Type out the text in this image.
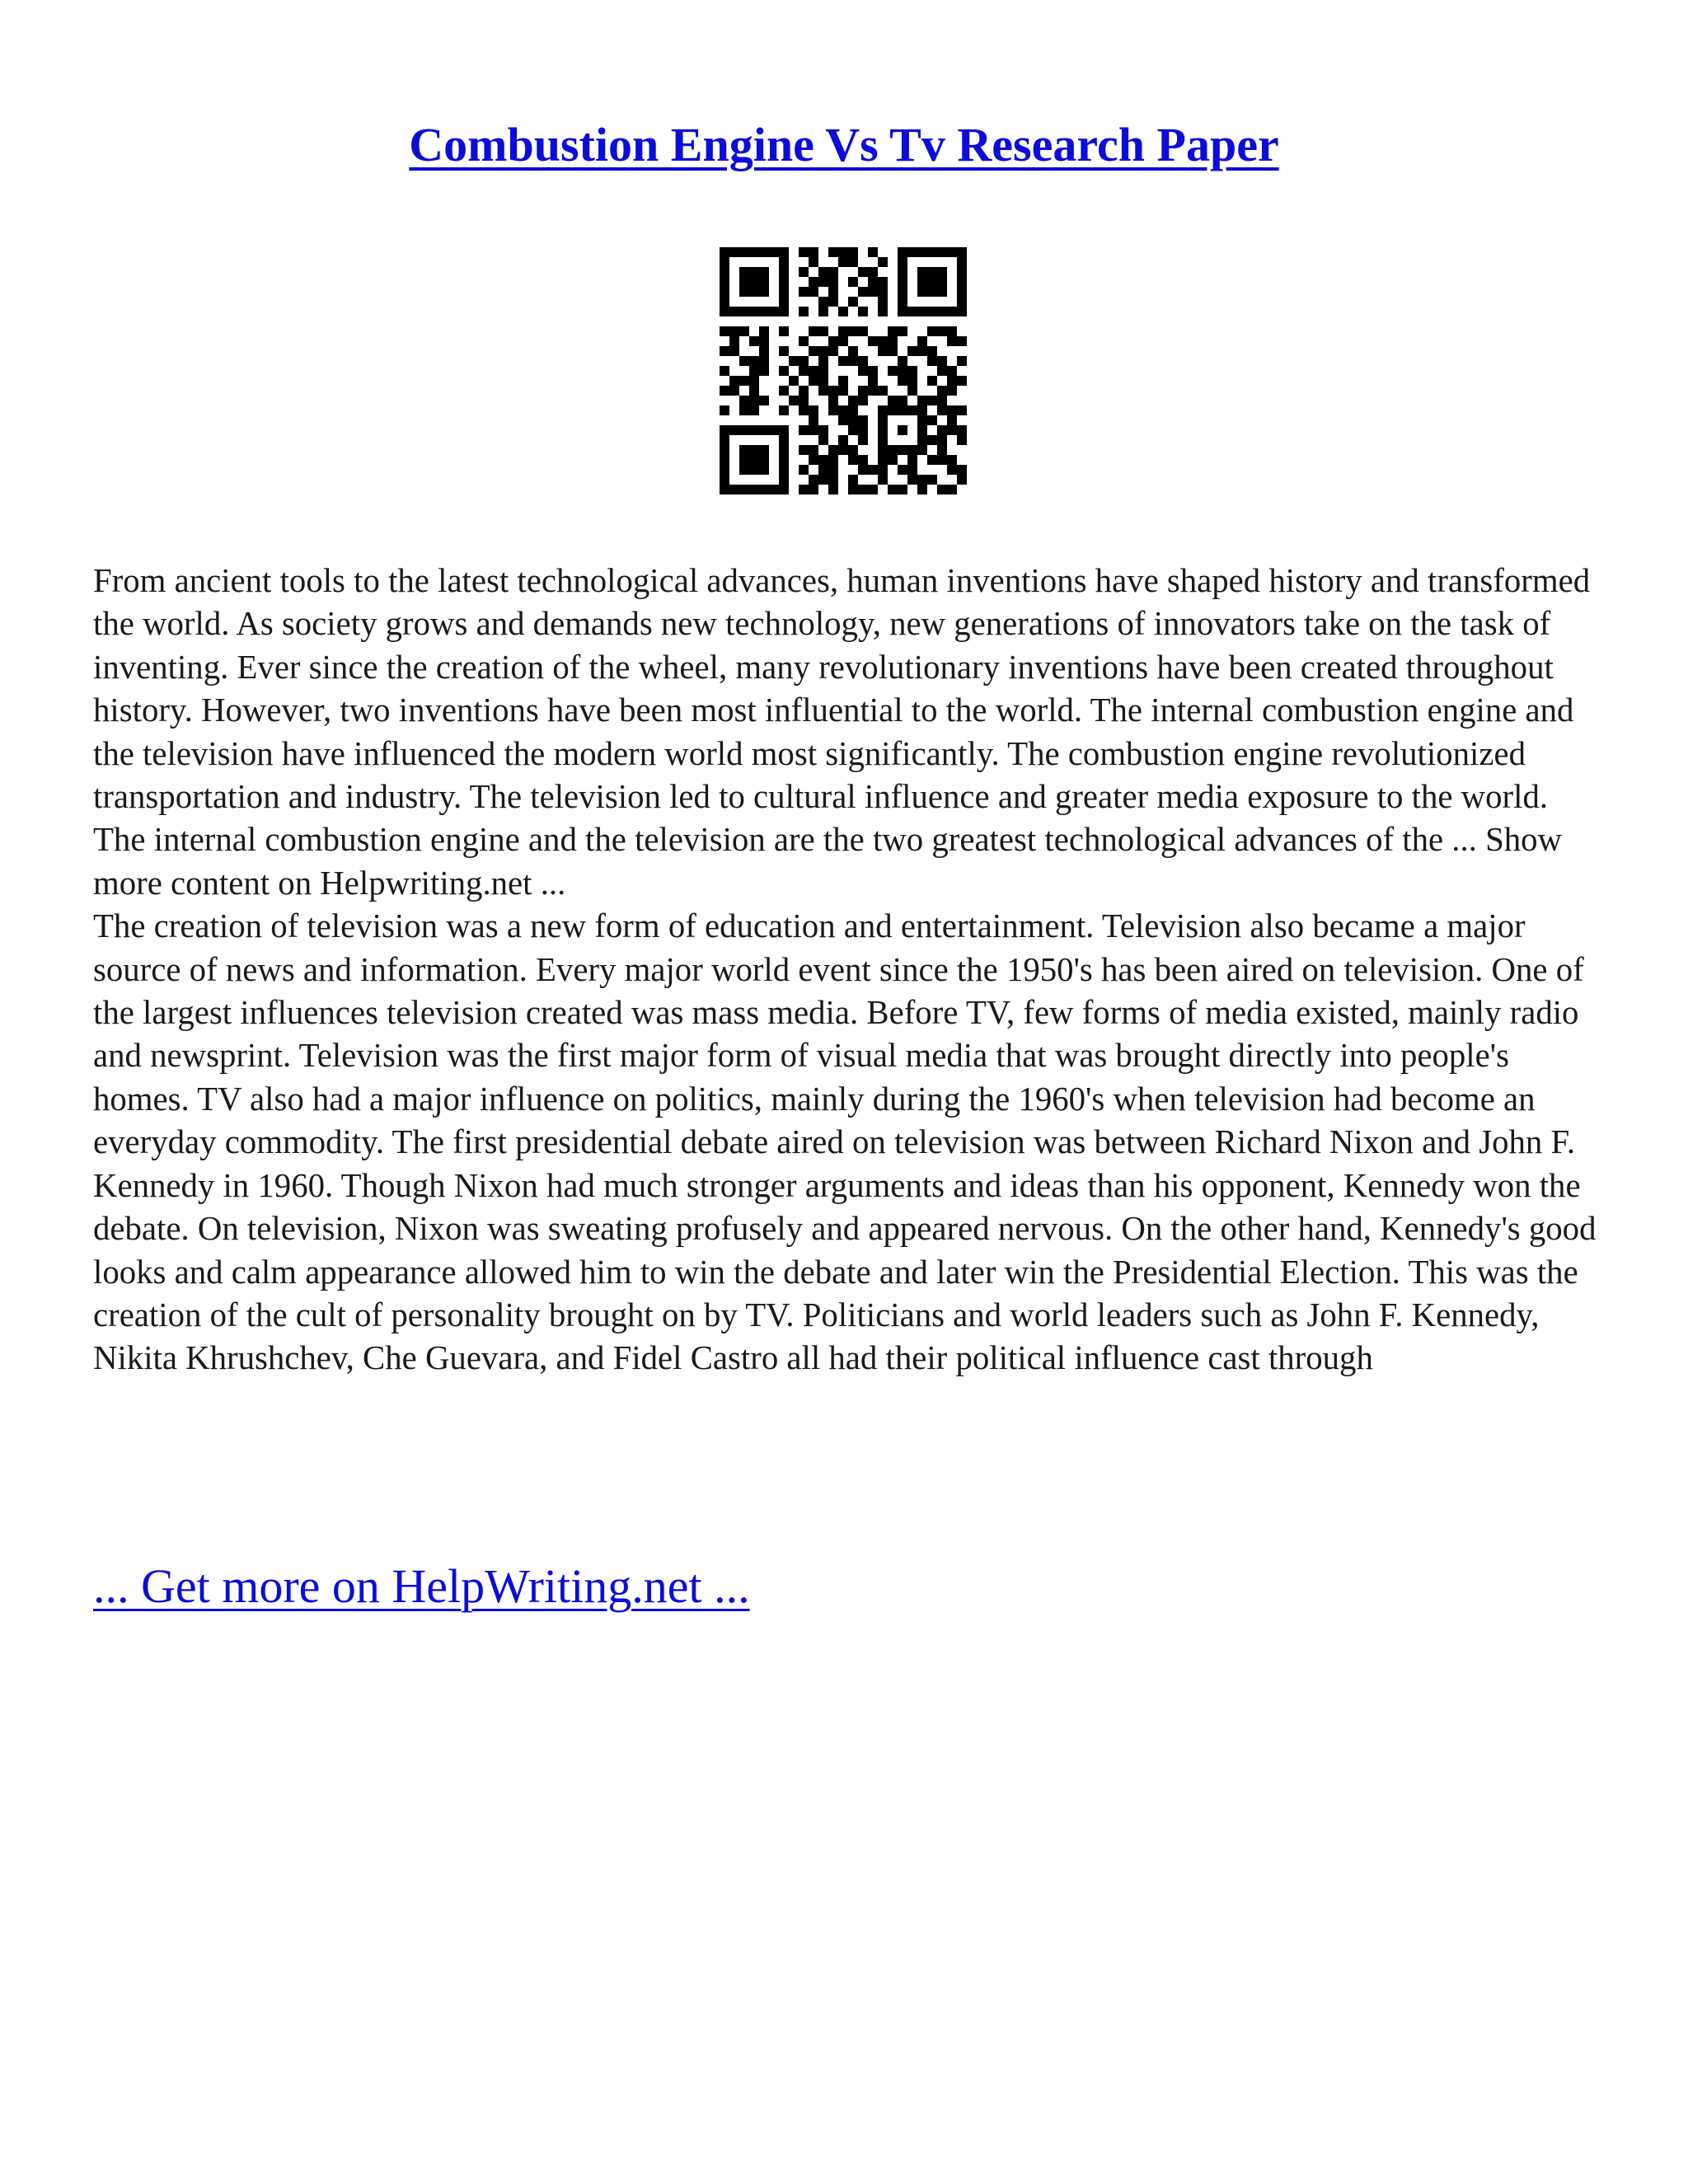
Combustion Engine Vs Tv Research Paper

From ancient tools to the latest technological advances, human inventions have shaped history and transformed the world. As society grows and demands new technology, new generations of innovators take on the task of inventing. Ever since the creation of the wheel, many revolutionary inventions have been created throughout history. However, two inventions have been most influential to the world. The internal combustion engine and the television have influenced the modern world most significantly. The combustion engine revolutionized transportation and industry. The television led to cultural influence and greater media exposure to the world. The internal combustion engine and the television are the two greatest technological advances of the ... Show more content on Helpwriting.net ...

The creation of television was a new form of education and entertainment. Television also became a major source of news and information. Every major world event since the 1950's has been aired on television. One of the largest influences television created was mass media. Before TV, few forms of media existed, mainly radio and newsprint. Television was the first major form of visual media that was brought directly into people's homes. TV also had a major influence on politics, mainly during the 1960's when television had become an everyday commodity. The first presidential debate aired on television was between Richard Nixon and John F. Kennedy in 1960. Though Nixon had much stronger arguments and ideas than his opponent, Kennedy won the debate. On television, Nixon was sweating profusely and appeared nervous. On the other hand, Kennedy's good looks and calm appearance allowed him to win the debate and later win the Presidential Election. This was the creation of the cult of personality brought on by TV. Politicians and world leaders such as John F. Kennedy, Nikita Khrushchev, Che Guevara, and Fidel Castro all had their political influence cast through

... Get more on HelpWriting.net ...
